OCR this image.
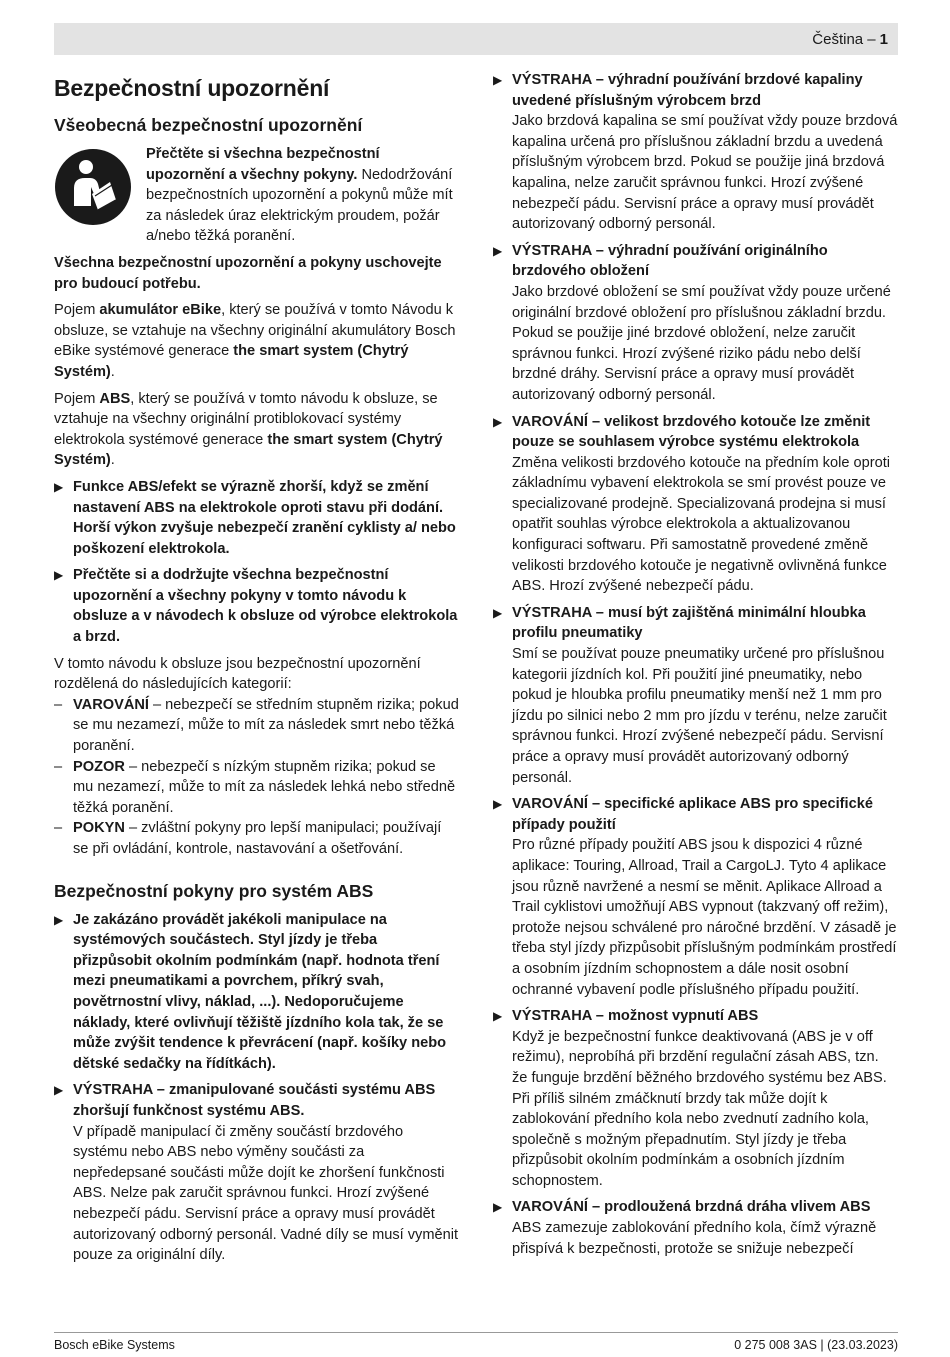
Čeština – 1
Bezpečnostní upozornění
Všeobecná bezpečnostní upozornění

Přečtěte si všechna bezpečnostní upozornění a všechny pokyny. Nedodržování bezpečnostních upozornění a pokynů může mít za následek úraz elektrickým proudem, požár a/nebo těžká poranění.

Všechna bezpečnostní upozornění a pokyny uschovejte pro budoucí potřebu.

Pojem akumulátor eBike, který se používá v tomto Návodu k obsluze, se vztahuje na všechny originální akumulátory Bosch eBike systémové generace the smart system (Chytrý Systém).

Pojem ABS, který se používá v tomto návodu k obsluze, se vztahuje na všechny originální protiblokovací systémy elektrokola systémové generace the smart system (Chytrý Systém).

▶ Funkce ABS/efekt se výrazně zhorší, když se změní nastavení ABS na elektrokole oproti stavu při dodání. Horší výkon zvyšuje nebezpečí zranění cyklisty a/ nebo poškození elektrokola.
▶ Přečtěte si a dodržujte všechna bezpečnostní upozornění a všechny pokyny v tomto návodu k obsluze a v návodech k obsluze od výrobce elektrokola a brzd.

V tomto návodu k obsluze jsou bezpečnostní upozornění rozdělená do následujících kategorií:

– VAROVÁNÍ – nebezpečí se středním stupněm rizika; pokud se mu nezamezí, může to mít za následek smrt nebo těžká poranění.
– POZOR – nebezpečí s nízkým stupněm rizika; pokud se mu nezamezí, může to mít za následek lehká nebo středně těžká poranění.
– POKYN – zvláštní pokyny pro lepší manipulaci; používají se při ovládání, kontrole, nastavování a ošetřování.
Bezpečnostní pokyny pro systém ABS
▶ Je zakázáno provádět jakékoli manipulace na systémových součástech. Styl jízdy je třeba přizpůsobit okolním podmínkám (např. hodnota tření mezi pneumatikami a povrchem, příkrý svah, povětrnostní vlivy, náklad, ...). Nedoporučujeme náklady, které ovlivňují těžiště jízdního kola tak, že se může zvýšit tendence k převrácení (např. košíky nebo dětské sedačky na řídítkách).
▶ VÝSTRAHA – zmanipulované součásti systému ABS zhoršují funkčnost systému ABS.
V případě manipulací či změny součástí brzdového systému nebo ABS nebo výměny součásti za nepředepsané součásti může dojít ke zhoršení funkčnosti ABS. Nelze pak zaručit správnou funkci. Hrozí zvýšené nebezpečí pádu. Servisní práce a opravy musí provádět autorizovaný odborný personál. Vadné díly se musí vyměnit pouze za originální díly.
▶ VÝSTRAHA – výhradní používání brzdové kapaliny uvedené příslušným výrobcem brzd
Jako brzdová kapalina se smí používat vždy pouze brzdová kapalina určená pro příslušnou základní brzdu a uvedená příslušným výrobcem brzd. Pokud se použije jiná brzdová kapalina, nelze zaručit správnou funkci. Hrozí zvýšené nebezpečí pádu. Servisní práce a opravy musí provádět autorizovaný odborný personál.
▶ VÝSTRAHA – výhradní používání originálního brzdového obložení
Jako brzdové obložení se smí používat vždy pouze určené originální brzdové obložení pro příslušnou základní brzdu. Pokud se použije jiné brzdové obložení, nelze zaručit správnou funkci. Hrozí zvýšené riziko pádu nebo delší brzdné dráhy. Servisní práce a opravy musí provádět autorizovaný odborný personál.
▶ VAROVÁNÍ – velikost brzdového kotouče lze změnit pouze se souhlasem výrobce systému elektrokola
Změna velikosti brzdového kotouče na předním kole oproti základnímu vybavení elektrokola se smí provést pouze ve specializované prodejně. Specializovaná prodejna si musí opatřit souhlas výrobce elektrokola a aktualizovanou konfiguraci softwaru. Při samostatně provedené změně velikosti brzdového kotouče je negativně ovlivněná funkce ABS. Hrozí zvýšené nebezpečí pádu.
▶ VÝSTRAHA – musí být zajištěná minimální hloubka profilu pneumatiky
Smí se používat pouze pneumatiky určené pro příslušnou kategorii jízdních kol. Při použití jiné pneumatiky, nebo pokud je hloubka profilu pneumatiky menší než 1 mm pro jízdu po silnici nebo 2 mm pro jízdu v terénu, nelze zaručit správnou funkci. Hrozí zvýšené nebezpečí pádu. Servisní práce a opravy musí provádět autorizovaný odborný personál.
▶ VAROVÁNÍ – specifické aplikace ABS pro specifické případy použití
Pro různé případy použití ABS jsou k dispozici 4 různé aplikace: Touring, Allroad, Trail a CargoLJ. Tyto 4 aplikace jsou různě navržené a nesmí se měnit. Aplikace Allroad a Trail cyklistovi umožňují ABS vypnout (takzvaný off režim), protože nejsou schválené pro náročné brzdění. V zásadě je třeba styl jízdy přizpůsobit příslušným podmínkám prostředí a osobním jízdním schopnostem a dále nosit osobní ochranné vybavení podle příslušného případu použití.
▶ VÝSTRAHA – možnost vypnutí ABS
Když je bezpečnostní funkce deaktivovaná (ABS je v off režimu), neprobíhá při brzdění regulační zásah ABS, tzn. že funguje brzdění běžného brzdového systému bez ABS. Při příliš silném zmáčknutí brzdy tak může dojít k zablokování předního kola nebo zvednutí zadního kola, společně s možným přepadnutím. Styl jízdy je třeba přizpůsobit okolním podmínkám a osobních jízdním schopnostem.
▶ VAROVÁNÍ – prodloužená brzdná dráha vlivem ABS
ABS zamezuje zablokování předního kola, čímž výrazně přispívá k bezpečnosti, protože se snižuje nebezpečí
Bosch eBike Systems	0 275 008 3AS | (23.03.2023)
